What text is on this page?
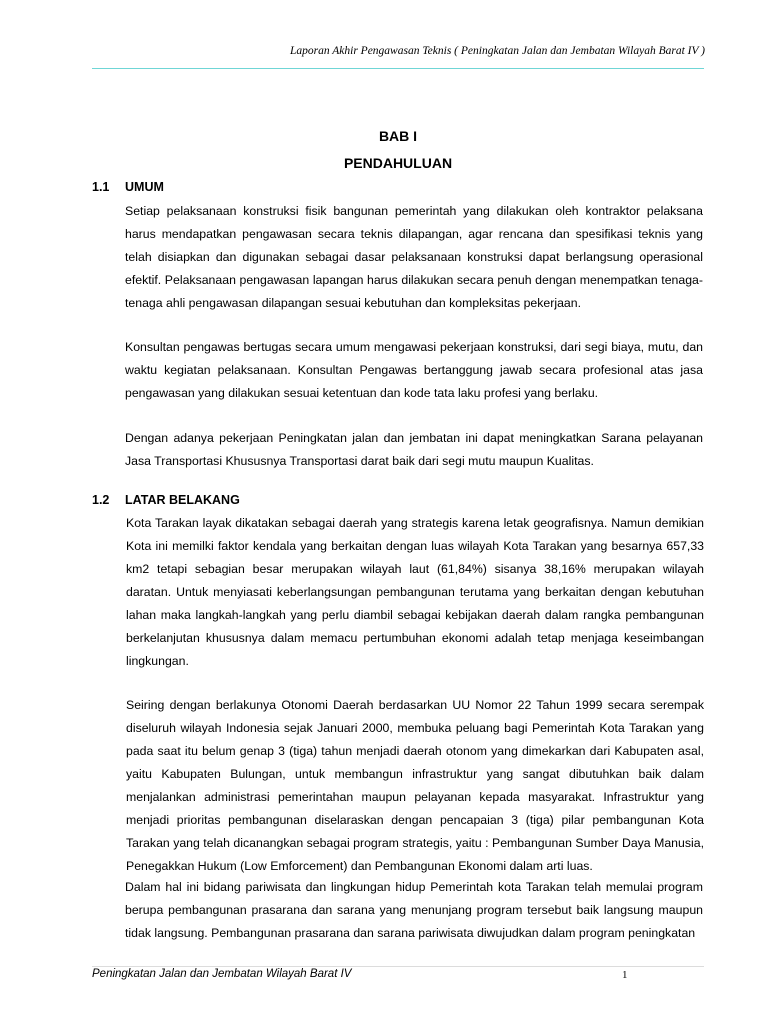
Laporan Akhir Pengawasan Teknis ( Peningkatan Jalan dan Jembatan Wilayah Barat IV )
BAB I
PENDAHULUAN
1.1 UMUM
Setiap pelaksanaan konstruksi fisik bangunan pemerintah yang dilakukan oleh kontraktor pelaksana harus mendapatkan pengawasan secara teknis dilapangan, agar rencana dan spesifikasi teknis yang telah disiapkan dan digunakan sebagai dasar pelaksanaan konstruksi dapat berlangsung operasional efektif. Pelaksanaan pengawasan lapangan harus dilakukan secara penuh dengan menempatkan tenaga-tenaga ahli pengawasan dilapangan sesuai kebutuhan dan kompleksitas pekerjaan.
Konsultan pengawas bertugas secara umum mengawasi pekerjaan konstruksi, dari segi biaya, mutu, dan waktu kegiatan pelaksanaan. Konsultan Pengawas bertanggung jawab secara profesional atas jasa pengawasan yang dilakukan sesuai ketentuan dan kode tata laku profesi yang berlaku.
Dengan adanya pekerjaan Peningkatan jalan dan jembatan ini dapat meningkatkan Sarana pelayanan Jasa Transportasi Khususnya Transportasi darat baik dari segi mutu maupun Kualitas.
1.2 LATAR BELAKANG
Kota Tarakan layak dikatakan sebagai daerah yang strategis karena letak geografisnya. Namun demikian Kota ini memilki faktor kendala yang berkaitan dengan luas wilayah Kota Tarakan yang besarnya 657,33 km2 tetapi sebagian besar merupakan wilayah laut (61,84%) sisanya 38,16% merupakan wilayah daratan. Untuk menyiasati keberlangsungan pembangunan terutama yang berkaitan dengan kebutuhan lahan maka langkah-langkah yang perlu diambil sebagai kebijakan daerah dalam rangka pembangunan berkelanjutan khususnya dalam memacu pertumbuhan ekonomi adalah tetap menjaga keseimbangan lingkungan.
Seiring dengan berlakunya Otonomi Daerah berdasarkan UU Nomor 22 Tahun 1999 secara serempak diseluruh wilayah Indonesia sejak Januari 2000, membuka peluang bagi Pemerintah Kota Tarakan yang pada saat itu belum genap 3 (tiga) tahun menjadi daerah otonom yang dimekarkan dari Kabupaten asal, yaitu Kabupaten Bulungan, untuk membangun infrastruktur yang sangat dibutuhkan baik dalam menjalankan administrasi pemerintahan maupun pelayanan kepada masyarakat. Infrastruktur yang menjadi prioritas pembangunan diselaraskan dengan pencapaian 3 (tiga) pilar pembangunan Kota Tarakan yang telah dicanangkan sebagai program strategis, yaitu : Pembangunan Sumber Daya Manusia, Penegakkan Hukum (Low Emforcement) dan Pembangunan Ekonomi dalam arti luas.
Dalam hal ini bidang pariwisata dan lingkungan hidup Pemerintah kota Tarakan telah memulai program berupa pembangunan prasarana dan sarana yang menunjang program tersebut baik langsung maupun tidak langsung. Pembangunan prasarana dan sarana pariwisata diwujudkan dalam program peningkatan
Peningkatan Jalan dan Jembatan Wilayah Barat IV	1
